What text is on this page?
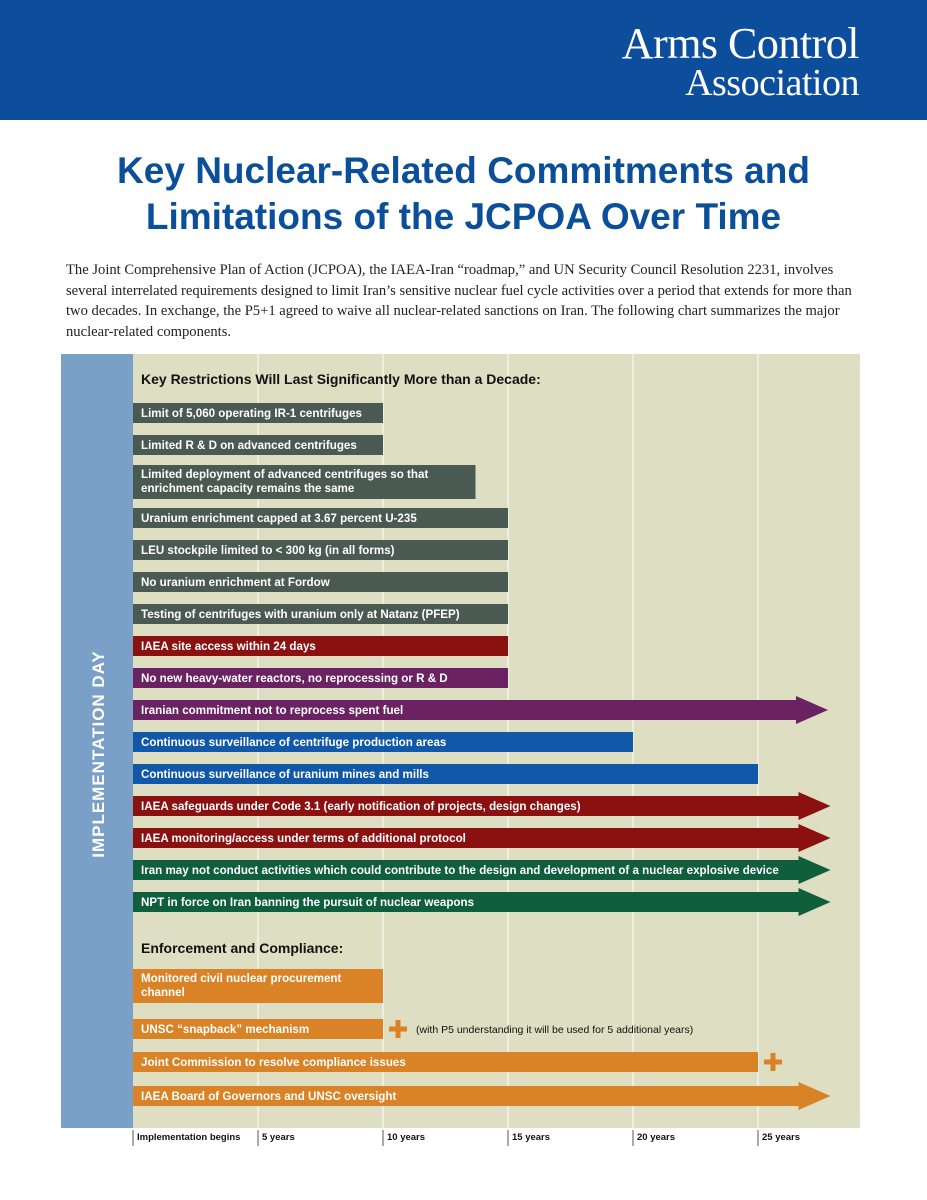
Arms Control
Association
Key Nuclear-Related Commitments and
Limitations of the JCPOA Over Time
The Joint Comprehensive Plan of Action (JCPOA), the IAEA-Iran “roadmap,” and UN Security Council Resolution 2231, involves several interrelated requirements designed to limit Iran’s sensitive nuclear fuel cycle activities over a period that extends for more than two decades. In exchange, the P5+1 agreed to waive all nuclear-related sanctions on Iran. The following chart summarizes the major nuclear-related components.
IMPLEMENTATION DAY
Key Restrictions Will Last Significantly More than a Decade:
Limit of 5,060 operating IR-1 centrifuges
Limited R & D on advanced centrifuges
Limited deployment of advanced centrifuges so that
enrichment capacity remains the same
Uranium enrichment capped at 3.67 percent U-235
LEU stockpile limited to < 300 kg (in all forms)
No uranium enrichment at Fordow
Testing of centrifuges with uranium only at Natanz (PFEP)
IAEA site access within 24 days
No new heavy-water reactors, no reprocessing or R & D
Iranian commitment not to reprocess spent fuel
Continuous surveillance of centrifuge production areas
Continuous surveillance of uranium mines and mills
IAEA safeguards under Code 3.1 (early notification of projects, design changes)
IAEA monitoring/access under terms of additional protocol
Iran may not conduct activities which could contribute to the design and development of a nuclear explosive device
NPT in force on Iran banning the pursuit of nuclear weapons
Enforcement and Compliance:
Monitored civil nuclear procurement
channel
UNSC “snapback” mechanism	(with P5 understanding it will be used for 5 additional years)
Joint Commission to resolve compliance issues
IAEA Board of Governors and UNSC oversight
Implementation begins 5 years	10 years	15 years	20 years	25 years
